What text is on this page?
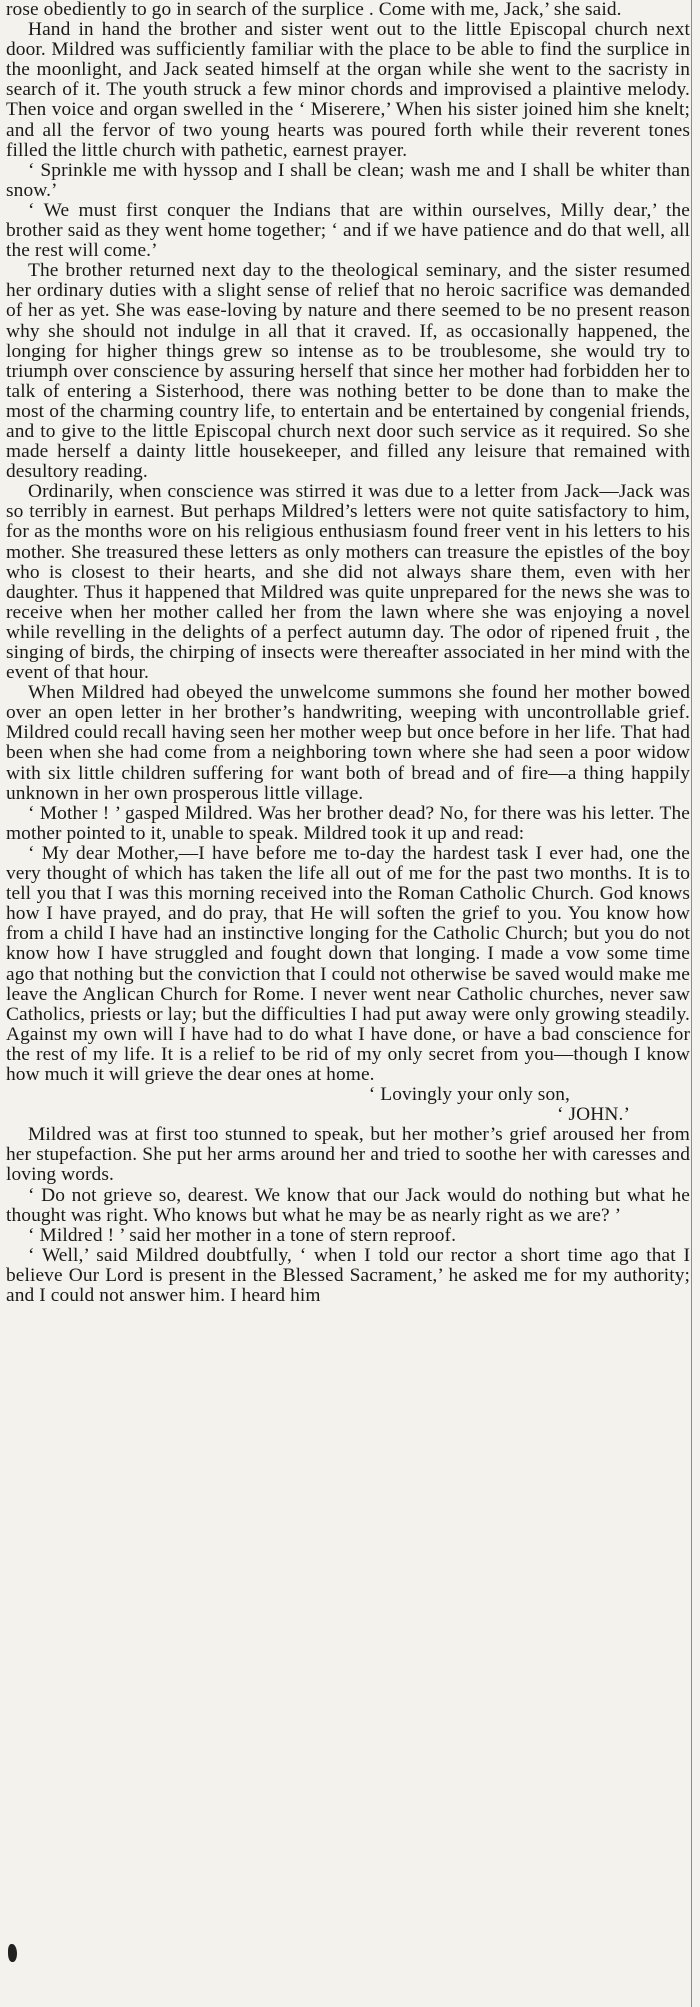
rose obediently to go in search of the surplice . Come with me, Jack,’ she said.

Hand in hand the brother and sister went out to the little Episcopal church next door. Mildred was sufficiently familiar with the place to be able to find the surplice in the moonlight, and Jack seated himself at the organ while she went to the sacristy in search of it. The youth struck a few minor chords and improvised a plaintive melody. Then voice and organ swelled in the ‘ Miserere,’ When his sister joined him she knelt; and all the fervor of two young hearts was poured forth while their reverent tones filled the little church with pathetic, earnest prayer.

‘ Sprinkle me with hyssop and I shall be clean; wash me and I shall be whiter than snow.’

‘ We must first conquer the Indians that are within ourselves, Milly dear,’ the brother said as they went home together; ‘ and if we have patience and do that well, all the rest will come.’

The brother returned next day to the theological seminary, and the sister resumed her ordinary duties with a slight sense of relief that no heroic sacrifice was demanded of her as yet. She was ease-loving by nature and there seemed to be no present reason why she should not indulge in all that it craved. If, as occasionally happened, the longing for higher things grew so intense as to be troublesome, she would try to triumph over conscience by assuring herself that since her mother had forbidden her to talk of entering a Sisterhood, there was nothing better to be done than to make the most of the charming country life, to entertain and be entertained by congenial friends, and to give to the little Episcopal church next door such service as it required. So she made herself a dainty little housekeeper, and filled any leisure that remained with desultory reading.

Ordinarily, when conscience was stirred it was due to a letter from Jack—Jack was so terribly in earnest. But perhaps Mildred’s letters were not quite satisfactory to him, for as the months wore on his religious enthusiasm found freer vent in his letters to his mother. She treasured these letters as only mothers can treasure the epistles of the boy who is closest to their hearts, and she did not always share them, even with her daughter. Thus it happened that Mildred was quite unprepared for the news she was to receive when her mother called her from the lawn where she was enjoying a novel while revelling in the delights of a perfect autumn day. The odor of ripened fruit , the singing of birds, the chirping of insects were thereafter associated in her mind with the event of that hour.

When Mildred had obeyed the unwelcome summons she found her mother bowed over an open letter in her brother’s handwriting, weeping with uncontrollable grief. Mildred could recall having seen her mother weep but once before in her life. That had been when she had come from a neighboring town where she had seen a poor widow with six little children suffering for want both of bread and of fire—a thing happily unknown in her own prosperous little village.

‘ Mother ! ’ gasped Mildred. Was her brother dead? No, for there was his letter. The mother pointed to it, unable to speak. Mildred took it up and read:

‘ My dear Mother,—I have before me to-day the hardest task I ever had, one the very thought of which has taken the life all out of me for the past two months. It is to tell you that I was this morning received into the Roman Catholic Church. God knows how I have prayed, and do pray, that He will soften the grief to you. You know how from a child I have had an instinctive longing for the Catholic Church; but you do not know how I have struggled and fought down that longing. I made a vow some time ago that nothing but the conviction that I could not otherwise be saved would make me leave the Anglican Church for Rome. I never went near Catholic churches, never saw Catholics, priests or lay; but the difficulties I had put away were only growing steadily. Against my own will I have had to do what I have done, or have a bad conscience for the rest of my life. It is a relief to be rid of my only secret from you—though I know how much it will grieve the dear ones at home.

‘ Lovingly your only son,

‘ JOHN.’

Mildred was at first too stunned to speak, but her mother’s grief aroused her from her stupefaction. She put her arms around her and tried to soothe her with caresses and loving words.

‘ Do not grieve so, dearest. We know that our Jack would do nothing but what he thought was right. Who knows but what he may be as nearly right as we are? ’

‘ Mildred ! ’ said her mother in a tone of stern reproof.

‘ Well,’ said Mildred doubtfully, ‘ when I told our rector a short time ago that I believe Our Lord is present in the Blessed Sacrament,’ he asked me for my authority; and I could not answer him. I heard him
